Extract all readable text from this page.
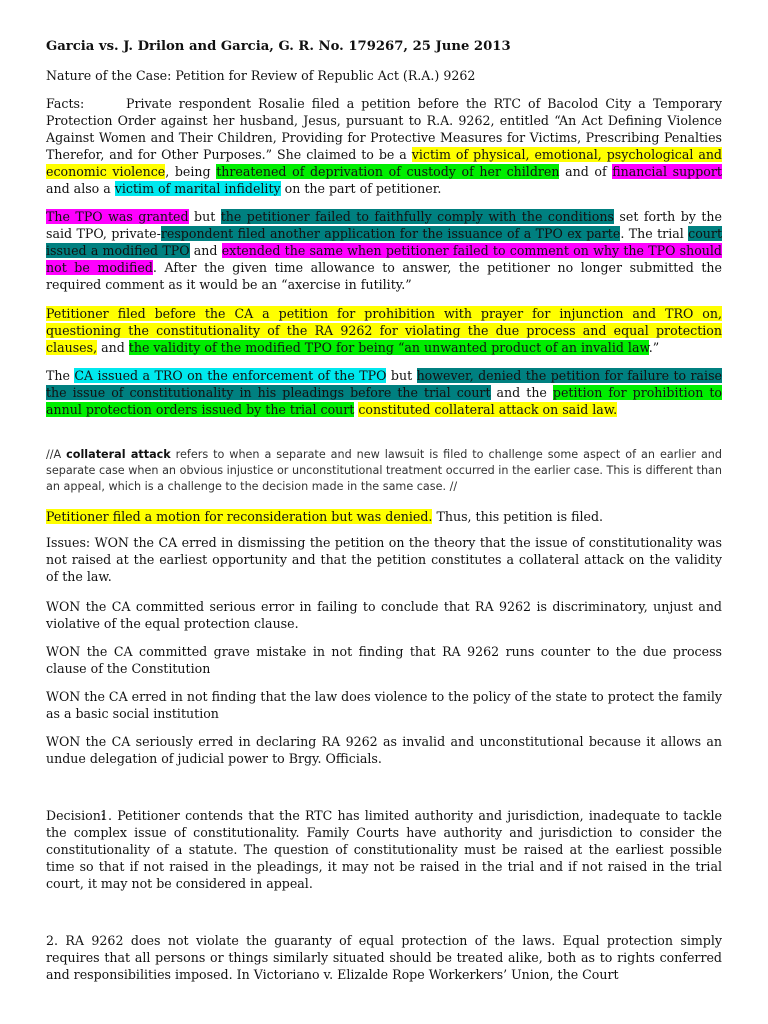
Garcia vs. J. Drilon and Garcia, G. R. No. 179267, 25 June 2013

Nature of the Case: Petition for Review of Republic Act (R.A.) 9262

Facts:	Private respondent Rosalie filed a petition before the RTC of Bacolod City a Temporary Protection Order against her husband, Jesus, pursuant to R.A. 9262, entitled “An Act Defining Violence Against Women and Their Children, Providing for Protective Measures for Victims, Prescribing Penalties Therefor, and for Other Purposes.” She claimed to be a victim of physical, emotional, psychological and economic violence, being threatened of deprivation of custody of her children and of financial support and also a victim of marital infidelity on the part of petitioner.

The TPO was granted but the petitioner failed to faithfully comply with the conditions set forth by the said TPO, private-respondent filed another application for the issuance of a TPO ex parte. The trial court issued a modified TPO and extended the same when petitioner failed to comment on why the TPO should not be modified. After the given time allowance to answer, the petitioner no longer submitted the required comment as it would be an “axercise in futility.”

Petitioner filed before the CA a petition for prohibition with prayer for injunction and TRO on, questioning the constitutionality of the RA 9262 for violating the due process and equal protection clauses, and the validity of the modified TPO for being “an unwanted product of an invalid law.”

The CA issued a TRO on the enforcement of the TPO but however, denied the petition for failure to raise the issue of constitutionality in his pleadings before the trial court and the petition for prohibition to annul protection orders issued by the trial court constituted collateral attack on said law.

//A collateral attack refers to when a separate and new lawsuit is filed to challenge some aspect of an earlier and separate case when an obvious injustice or unconstitutional treatment occurred in the earlier case. This is different than an appeal, which is a challenge to the decision made in the same case. //

Petitioner filed a motion for reconsideration but was denied. Thus, this petition is filed.

Issues: WON the CA erred in dismissing the petition on the theory that the issue of constitutionality was not raised at the earliest opportunity and that the petition constitutes a collateral attack on the validity of the law.

WON the CA committed serious error in failing to conclude that RA 9262 is discriminatory, unjust and violative of the equal protection clause.

WON the CA committed grave mistake in not finding that RA 9262 runs counter to the due process clause of the Constitution

WON the CA erred in not finding that the law does violence to the policy of the state to protect the family as a basic social institution

WON the CA seriously erred in declaring RA 9262 as invalid and unconstitutional because it allows an undue delegation of judicial power to Brgy. Officials.

Decision:1. Petitioner contends that the RTC has limited authority and jurisdiction, inadequate to tackle the complex issue of constitutionality. Family Courts have authority and jurisdiction to consider the constitutionality of a statute. The question of constitutionality must be raised at the earliest possible time so that if not raised in the pleadings, it may not be raised in the trial and if not raised in the trial court, it may not be considered in appeal.

2. RA 9262 does not violate the guaranty of equal protection of the laws. Equal protection simply requires that all persons or things similarly situated should be treated alike, both as to rights conferred and responsibilities imposed. In Victoriano v. Elizalde Rope Workerkers’ Union, the Court
